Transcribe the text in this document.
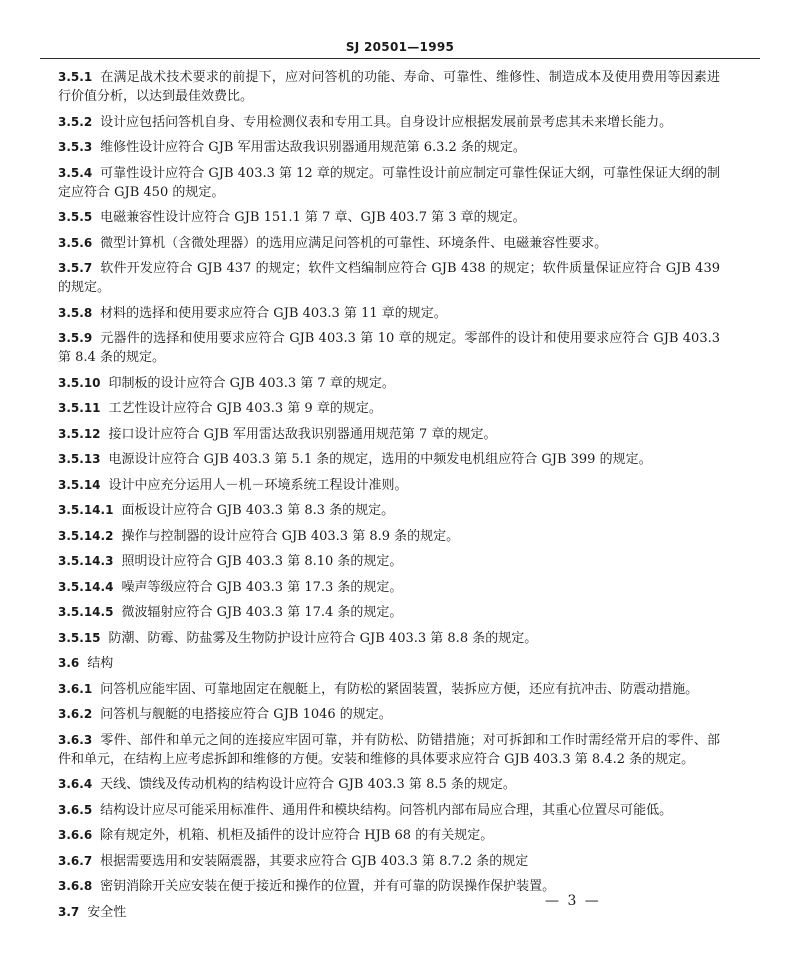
SJ 20501—1995

3.5.1 在满足战术技术要求的前提下，应对问答机的功能、寿命、可靠性、维修性、制造成本及使用费用等因素进行价值分析，以达到最佳效费比。

3.5.2 设计应包括问答机自身、专用检测仪表和专用工具。自身设计应根据发展前景考虑其未来增长能力。

3.5.3 维修性设计应符合 GJB 军用雷达敌我识别器通用规范第 6.3.2 条的规定。

3.5.4 可靠性设计应符合 GJB 403.3 第 12 章的规定。可靠性设计前应制定可靠性保证大纲，可靠性保证大纲的制定应符合 GJB 450 的规定。

3.5.5 电磁兼容性设计应符合 GJB 151.1 第 7 章、GJB 403.7 第 3 章的规定。

3.5.6 微型计算机（含微处理器）的选用应满足问答机的可靠性、环境条件、电磁兼容性要求。

3.5.7 软件开发应符合 GJB 437 的规定；软件文档编制应符合 GJB 438 的规定；软件质量保证应符合 GJB 439 的规定。

3.5.8 材料的选择和使用要求应符合 GJB 403.3 第 11 章的规定。

3.5.9 元器件的选择和使用要求应符合 GJB 403.3 第 10 章的规定。零部件的设计和使用要求应符合 GJB 403.3 第 8.4 条的规定。

3.5.10 印制板的设计应符合 GJB 403.3 第 7 章的规定。

3.5.11 工艺性设计应符合 GJB 403.3 第 9 章的规定。

3.5.12 接口设计应符合 GJB 军用雷达敌我识别器通用规范第 7 章的规定。

3.5.13 电源设计应符合 GJB 403.3 第 5.1 条的规定，选用的中频发电机组应符合 GJB 399 的规定。

3.5.14 设计中应充分运用人－机－环境系统工程设计准则。

3.5.14.1 面板设计应符合 GJB 403.3 第 8.3 条的规定。

3.5.14.2 操作与控制器的设计应符合 GJB 403.3 第 8.9 条的规定。

3.5.14.3 照明设计应符合 GJB 403.3 第 8.10 条的规定。

3.5.14.4 噪声等级应符合 GJB 403.3 第 17.3 条的规定。

3.5.14.5 微波辐射应符合 GJB 403.3 第 17.4 条的规定。

3.5.15 防潮、防霉、防盐雾及生物防护设计应符合 GJB 403.3 第 8.8 条的规定。

3.6 结构

3.6.1 问答机应能牢固、可靠地固定在舰艇上，有防松的紧固装置，装拆应方便，还应有抗冲击、防震动措施。

3.6.2 问答机与舰艇的电搭接应符合 GJB 1046 的规定。

3.6.3 零件、部件和单元之间的连接应牢固可靠，并有防松、防错措施；对可拆卸和工作时需经常开启的零件、部件和单元，在结构上应考虑拆卸和维修的方便。安装和维修的具体要求应符合 GJB 403.3 第 8.4.2 条的规定。

3.6.4 天线、馈线及传动机构的结构设计应符合 GJB 403.3 第 8.5 条的规定。

3.6.5 结构设计应尽可能采用标准件、通用件和模块结构。问答机内部布局应合理，其重心位置尽可能低。

3.6.6 除有规定外，机箱、机柜及插件的设计应符合 HJB 68 的有关规定。

3.6.7 根据需要选用和安装隔震器，其要求应符合 GJB 403.3 第 8.7.2 条的规定

3.6.8 密钥消除开关应安装在便于接近和操作的位置，并有可靠的防误操作保护装置。

3.7 安全性

— 3 —
